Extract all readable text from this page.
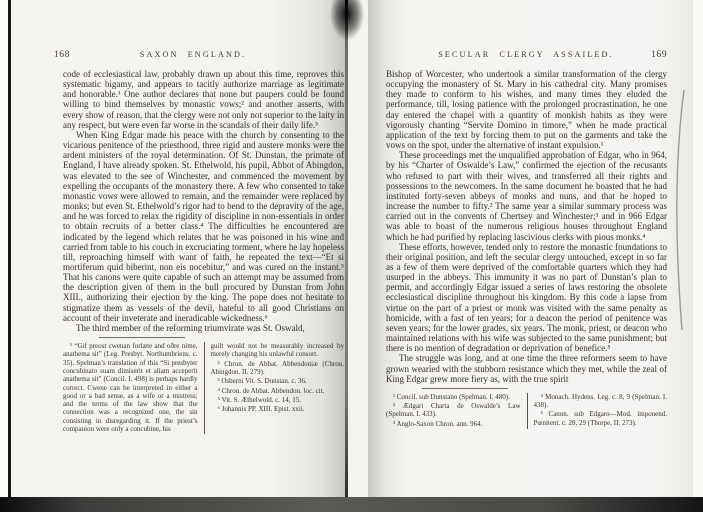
168	SAXON ENGLAND.

code of ecclesiastical law, probably drawn up about this time, reproves this systematic bigamy, and appears to tacitly authorize marriage as legitimate and honorable.¹ One author declares that none but paupers could be found willing to bind themselves by monastic vows;² and another asserts, with every show of reason, that the clergy were not only not superior to the laity in any respect, but were even far worse in the scandals of their daily life.³

When King Edgar made his peace with the church by consenting to the vicarious penitence of the priesthood, three rigid and austere monks were the ardent ministers of the royal determination. Of St. Dunstan, the primate of England, I have already spoken. St. Ethelwold, his pupil, Abbot of Abingdon, was elevated to the see of Winchester, and commenced the movement by expelling the occupants of the monastery there. A few who consented to take monastic vows were allowed to remain, and the remainder were replaced by monks; but even St. Ethelwold’s rigor had to bend to the depravity of the age, and he was forced to relax the rigidity of discipline in non-essentials in order to obtain recruits of a better class.⁴ The difficulties he encountered are indicated by the legend which relates that he was poisoned in his wine and carried from table to his couch in excruciating torment, where he lay hopeless till, reproaching himself with want of faith, he repeated the text—“Et si mortiferum quid biberint, non eis nocebitur,” and was cured on the instant.⁵ That his canons were quite capable of such an attempt may be assumed from the description given of them in the bull procured by Dunstan from John XIII., authorizing their ejection by the king. The pope does not hesitate to stigmatize them as vessels of the devil, hateful to all good Christians on account of their inveterate and ineradicable wickedness.⁶

The third member of the reforming triumvirate was St. Oswald,

¹ “Gif preost cwenan forlæte and oðre nime, anathema sit” (Leg. Presbyt. Northumbriens. c. 35). Spelman’s translation of this “Si presbyter concubinato suam dimiserit et aliam acceperit anathema sit” (Concil. I. 498) is perhaps hardly correct. Cwene can be interpreted in either a good or a bad sense, as a wife or a mistress; and the terms of the law show that the connection was a recognized one, the sin consisting in disregarding it. If the priest’s companion were only a concubine, his

guilt would not be measurably increased by merely changing his unlawful consort.

² Chron. de Abbat. Abbendoniæ (Chron. Abingdon. II. 279).

³ Osberni Vit. S. Dunstan. c. 36.

⁴ Chron. de Abbat. Abbendon. loc. cit.

⁵ Vit. S. Æthelwold. c. 14, 15.

⁶ Johannis PP. XIII. Epist. xxii.

SECULAR CLERGY ASSAILED.	169

Bishop of Worcester, who undertook a similar transformation of the clergy occupying the monastery of St. Mary in his cathedral city. Many promises they made to conform to his wishes, and many times they eluded the performance, till, losing patience with the prolonged procrastination, he one day entered the chapel with a quantity of monkish habits as they were vigorously chanting “Servite Domino in timore,” when he made practical application of the text by forcing them to put on the garments and take the vows on the spot, under the alternative of instant expulsion.¹

These proceedings met the unqualified approbation of Edgar, who in 964, by his “Charter of Oswalde’s Law,” confirmed the ejection of the recusants who refused to part with their wives, and transferred all their rights and possessions to the newcomers. In the same document he boasted that he had instituted forty-seven abbeys of monks and nuns, and that he hoped to increase the number to fifty.² The same year a similar summary process was carried out in the convents of Chertsey and Winchester;³ and in 966 Edgar was able to boast of the numerous religious houses throughout England which he had purified by replacing lascivious clerks with pious monks.⁴

These efforts, however, tended only to restore the monastic foundations to their original position, and left the secular clergy untouched, except in so far as a few of them were deprived of the comfortable quarters which they had usurped in the abbeys. This immunity it was no part of Dunstan’s plan to permit, and accordingly Edgar issued a series of laws restoring the obsolete ecclesiastical discipline throughout his kingdom. By this code a lapse from virtue on the part of a priest or monk was visited with the same penalty as homicide, with a fast of ten years; for a deacon the period of penitence was seven years; for the lower grades, six years. The monk, priest, or deacon who maintained relations with his wife was subjected to the same punishment; but there is no mention of degradation or deprivation of benefice.⁵

The struggle was long, and at one time the three reformers seem to have grown wearied with the stubborn resistance which they met, while the zeal of King Edgar grew more fiery as, with the true spirit

¹ Concil. sub Dunstano (Spelman. I. 480).

² Ædgari Charta de Oswalde’s Law (Spelman. I. 433).

³ Anglo-Saxon Chron. ann. 964.

⁴ Monach. Hydens. Leg. c. 8, 9 (Spelman. I. 438).

⁵ Canon. sub Edgaro—Mod. imponend. Pœnitent. c. 28, 29 (Thorpe, II. 273).
